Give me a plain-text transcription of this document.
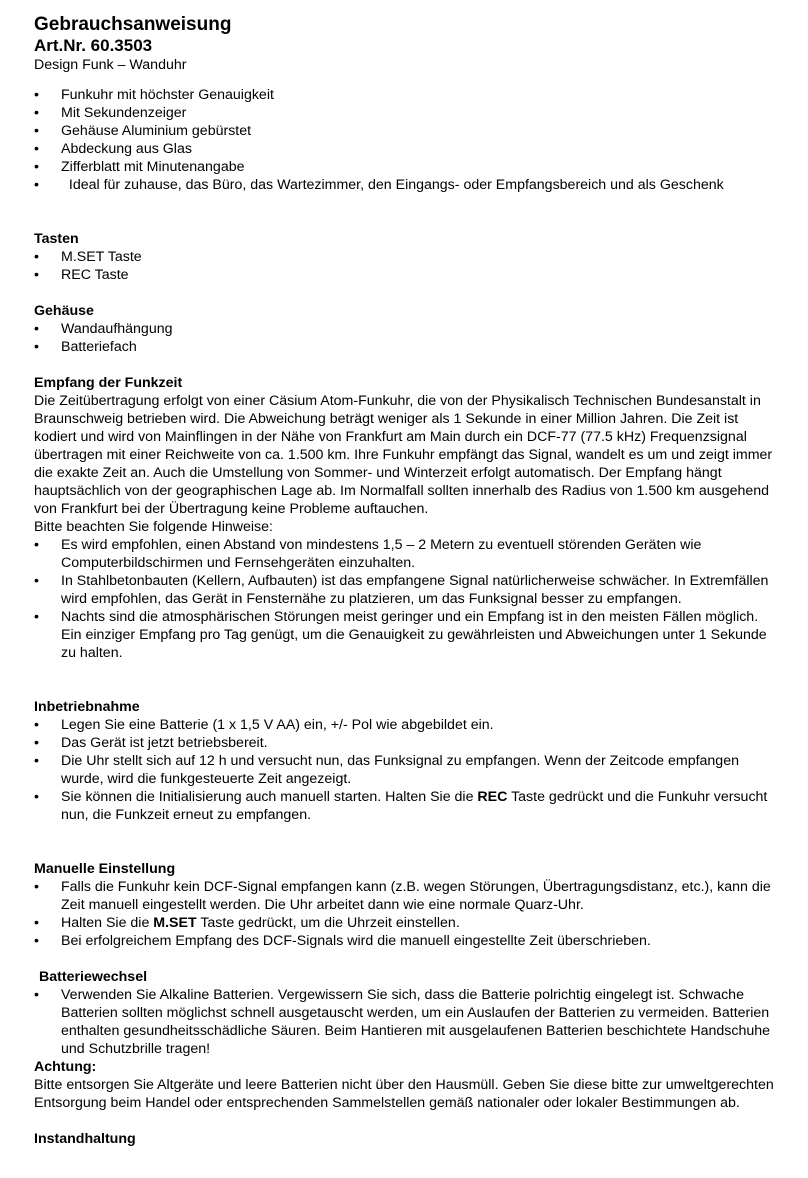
Gebrauchsanweisung
Art.Nr. 60.3503
Design Funk – Wanduhr
• Funkuhr mit höchster Genauigkeit
• Mit Sekundenzeiger
• Gehäuse Aluminium gebürstet
• Abdeckung aus Glas
• Zifferblatt mit Minutenangabe
•   Ideal für zuhause, das Büro, das Wartezimmer, den Eingangs- oder Empfangsbereich und als Geschenk
Tasten
• M.SET Taste
• REC Taste
Gehäuse
• Wandaufhängung
• Batteriefach
Empfang der Funkzeit

Die Zeitübertragung erfolgt von einer Cäsium Atom-Funkuhr, die von der Physikalisch Technischen Bundesanstalt in Braunschweig betrieben wird. Die Abweichung beträgt weniger als 1 Sekunde in einer Million Jahren. Die Zeit ist kodiert und wird von Mainflingen in der Nähe von Frankfurt am Main durch ein DCF-77 (77.5 kHz) Frequenzsignal übertragen mit einer Reichweite von ca. 1.500 km. Ihre Funkuhr empfängt das Signal, wandelt es um und zeigt immer die exakte Zeit an. Auch die Umstellung von Sommer- und Winterzeit erfolgt automatisch. Der Empfang hängt hauptsächlich von der geographischen Lage ab. Im Normalfall sollten innerhalb des Radius von 1.500 km ausgehend von Frankfurt bei der Übertragung keine Probleme auftauchen.

Bitte beachten Sie folgende Hinweise:

• Es wird empfohlen, einen Abstand von mindestens 1,5 – 2 Metern zu eventuell störenden Geräten wie Computerbildschirmen und Fernsehgeräten einzuhalten.
• In Stahlbetonbauten (Kellern, Aufbauten) ist das empfangene Signal natürlicherweise schwächer. In Extremfällen wird empfohlen, das Gerät in Fensternähe zu platzieren, um das Funksignal besser zu empfangen.
• Nachts sind die atmosphärischen Störungen meist geringer und ein Empfang ist in den meisten Fällen möglich. Ein einziger Empfang pro Tag genügt, um die Genauigkeit zu gewährleisten und Abweichungen unter 1 Sekunde zu halten.
Inbetriebnahme
• Legen Sie eine Batterie (1 x 1,5 V AA) ein, +/- Pol wie abgebildet ein.
• Das Gerät ist jetzt betriebsbereit.
• Die Uhr stellt sich auf 12 h und versucht nun, das Funksignal zu empfangen. Wenn der Zeitcode empfangen wurde, wird die funkgesteuerte Zeit angezeigt.
• Sie können die Initialisierung auch manuell starten. Halten Sie die REC Taste gedrückt und die Funkuhr versucht nun, die Funkzeit erneut zu empfangen.
Manuelle Einstellung
• Falls die Funkuhr kein DCF-Signal empfangen kann (z.B. wegen Störungen, Übertragungsdistanz, etc.), kann die Zeit manuell eingestellt werden. Die Uhr arbeitet dann wie eine normale Quarz-Uhr.
• Halten Sie die M.SET Taste gedrückt, um die Uhrzeit einstellen.
• Bei erfolgreichem Empfang des DCF-Signals wird die manuell eingestellte Zeit überschrieben.
Batteriewechsel
• Verwenden Sie Alkaline Batterien. Vergewissern Sie sich, dass die Batterie polrichtig eingelegt ist. Schwache Batterien sollten möglichst schnell ausgetauscht werden, um ein Auslaufen der Batterien zu vermeiden. Batterien enthalten gesundheitsschädliche Säuren. Beim Hantieren mit ausgelaufenen Batterien beschichtete Handschuhe und Schutzbrille tragen!
Achtung:

Bitte entsorgen Sie Altgeräte und leere Batterien nicht über den Hausmüll. Geben Sie diese bitte zur umweltgerechten Entsorgung beim Handel oder entsprechenden Sammelstellen gemäß nationaler oder lokaler Bestimmungen ab.

Instandhaltung
